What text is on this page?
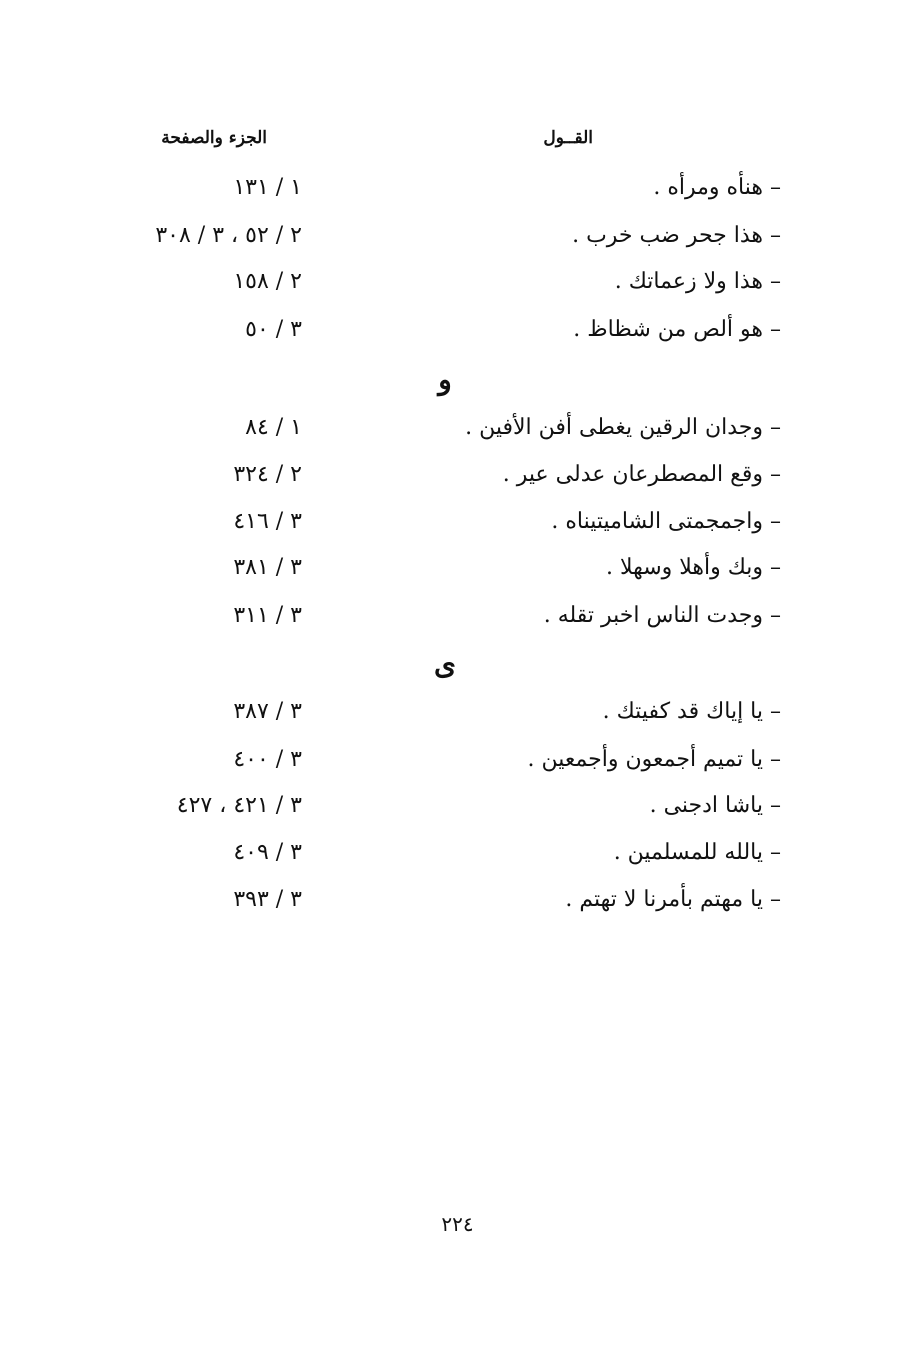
القــول
الجزء والصفحة
– هنأه ومرأه .
١ / ١٣١
– هذا جحر ضب خرب .
٢ / ٥٢ ، ٣ / ٣٠٨
– هذا ولا زعماتك .
٢ / ١٥٨
– هو ألص من شظاظ .
٣ / ٥٠
و
– وجدان الرقين يغطى أفن الأفين .
١ / ٨٤
– وقع المصطرعان عدلى عير .
٢ / ٣٢٤
– واجمجمتى الشاميتيناه .
٣ / ٤١٦
– وبك وأهلا وسهلا .
٣ / ٣٨١
– وجدت الناس اخبر تقله .
٣ / ٣١١
ى
– يا إياك قد كفيتك .
٣ / ٣٨٧
– يا تميم أجمعون وأجمعين .
٣ / ٤٠٠
– ياشا ادجنى .
٣ / ٤٢١ ، ٤٢٧
– يالله للمسلمين .
٣ / ٤٠٩
– يا مهتم بأمرنا لا تهتم .
٣ / ٣٩٣
٢٢٤
